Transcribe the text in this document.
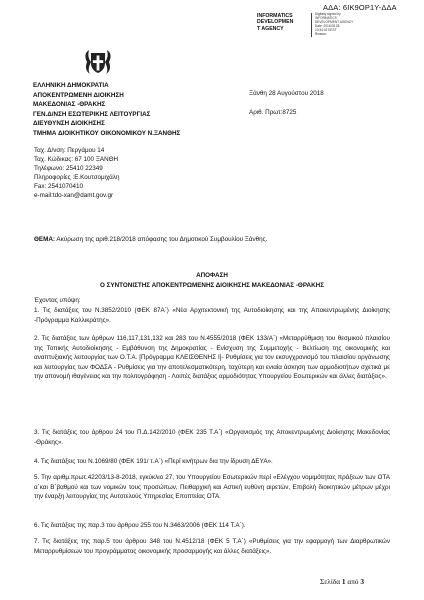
ΑΔΑ: 6ΙΚ9ΟΡ1Υ-ΔΔΑ
INFORMATICS
DEVELOPMEN
T AGENCY
Digitally signed by
INFORMATICS
DEVELOPMENT AGENCY
Date: 2018.08.28
10:34:02 EEST
Reason:
ΕΛΛΗΝΙΚΗ ΔΗΜΟΚΡΑΤΙΑ
ΑΠΟΚΕΝΤΡΩΜΕΝΗ ΔΙΟΙΚΗΣΗ
ΜΑΚΕΔΟΝΙΑΣ -ΘΡΑΚΗΣ
ΓΕΝ.Δ/ΝΣΗ ΕΣΩΤΕΡΙΚΗΣ ΛΕΙΤΟΥΡΓΙΑΣ
ΔΙΕΥΘΥΝΣΗ ΔΙΟΙΚΗΣΗΣ
ΤΜΗΜΑ ΔΙΟΙΚΗΤΙΚΟΥ ΟΙΚΟΝΟΜΙΚΟΥ Ν.ΞΑΝΘΗΣ
Ξάνθη 28 Αυγούστου 2018
Αριθ. Πρωτ:8725
Ταχ. Δ/νση: Περγάμου 14
Ταχ. Κώδικας: 67 100 ΞΑΝΘΗ
Τηλέφωνο: 25410 22349
Πληροφορίες :Ε.Κουτσομιχάλη
Fax: 2541070410
e-mail:tdo-xan@damt.gov.gr
ΘΕΜΑ: Ακύρωση της αριθ.218/2018 απόφασης του Δημοτικού Συμβουλίου Ξάνθης.
ΑΠΟΦΑΣΗ
Ο ΣΥΝΤΟΝΙΣΤΗΣ ΑΠΟΚΕΝΤΡΩΜΕΝΗΣ ΔΙΟΙΚΗΣΗΣ ΜΑΚΕΔΟΝΙΑΣ -ΘΡΑΚΗΣ
Έχοντας υπόψη:
1. Τις διατάξεις του Ν.3852/2010 (ΦΕΚ 87Α΄) «Νέα Αρχιτεκτονική της Αυτοδιοίκησης και της Αποκεντρωμένης Διοίκησης -Πρόγραμμα Καλλικράτης».
2. Τις διατάξεις των άρθρων 116,117,131,132 και 283 του Ν.4555/2018 (ΦΕΚ 133/Α΄) «Μεταρρύθμιση του θεσμικού πλαισίου της Τοπικής Αυτοδιοίκησης - Εμβάθυνση της Δημοκρατίας - Ενίσχυση της Συμμετοχής - Βελτίωση της οικονομικής και αναπτυξιακής λειτουργίας των Ο.Τ.Α. [Πρόγραμμα ΚΛΕΙΣΘΕΝΗΣ Ι]- Ρυθμίσεις για τον εκσυγχρονισμό του πλαισίου οργάνωσης και λειτουργίας των ΦΟΔΣΑ - Ρυθμίσεις για την αποτελεσματικότερη, ταχύτερη και ενιαία άσκηση των αρμοδιοτήτων σχετικά με την απονομή ιθαγένειας και την πολιτογράφηση - Λοιπές διατάξεις αρμοδιότητας Υπουργείου Εσωτερικών και άλλες διατάξεις».
3. Τις διατάξεις του άρθρου 24 του Π.Δ.142/2010 (ΦΕΚ 235 Τ.Α΄) «Οργανισμός της Αποκεντρωμένης Διοίκησης Μακεδονίας -Θράκης».
4. Τις διατάξεις του Ν.1069/80 (ΦΕΚ 191/ τ.Α΄) «Περί κινήτρων δια την ίδρυση ΔΕΥΑ».
5. Την αριθμ.πρωτ.42203/13-8-2018, εγκύκλιο 27, του Υπουργείου Εσωτερικών περί «Ελέγχου νομιμότητας πράξεων των ΟΤΑ α΄και Β΄βαθμού και των νομικών τους προσώπων, Πειθαρχική και Αστική ευθύνη αιρετών, Επιβολή διοικητικών μέτρων μέχρι την έναρξη λειτουργίας της Αυτοτελούς Υπηρεσίας Εποπτείας ΟΤΑ.
6. Τις διατάξεις της παρ.3 του άρθρου 255 του Ν.3463/2006 (ΦΕΚ 114 Τ.Α΄).
7. Τις διατάξεις της παρ.5 του άρθρου 348 του Ν.4512/18 (ΦΕΚ 5 Τ.Α΄) «Ρυθμίσεις για την εφαρμογή των Διαρθρωτικών Μεταρρυθμίσεων του προγράμματος οικονομικής προσαρμογής και άλλες διατάξεις».
Σελίδα 1 από 3
